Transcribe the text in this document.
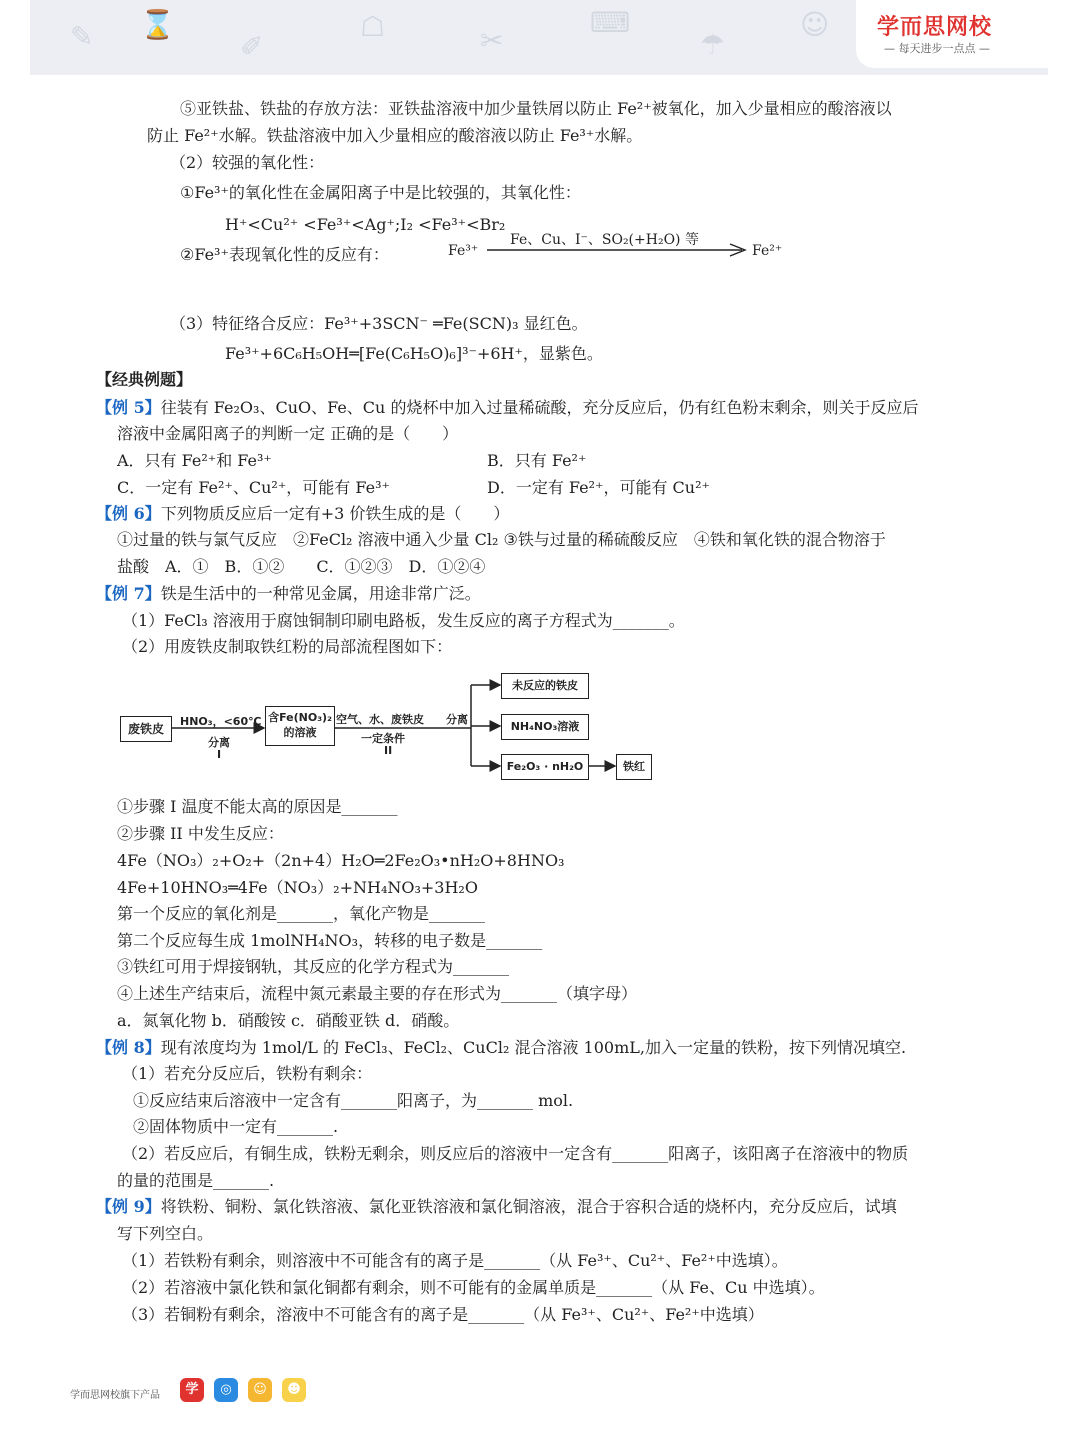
✎ ⌛
✐
☖	✂
⌨
☂
☺ 学而思网校
— 每天进步一点点 —
⑤亚铁盐、铁盐的存放方法：亚铁盐溶液中加少量铁屑以防止 Fe²⁺被氧化，加入少量相应的酸溶液以
防止 Fe²⁺水解。铁盐溶液中加入少量相应的酸溶液以防止 Fe³⁺水解。
（2）较强的氧化性：
①Fe³⁺的氧化性在金属阳离子中是比较强的，其氧化性：
H⁺<Cu²⁺ <Fe³⁺<Ag⁺;I₂ <Fe³⁺<Br₂
②Fe³⁺表现氧化性的反应有：	Fe³⁺
Fe、Cu、I⁻、SO₂(+H₂O) 等
Fe²⁺
（3）特征络合反应：Fe³⁺+3SCN⁻ ═Fe(SCN)₃ 显红色。
Fe³⁺+6C₆H₅OH═[Fe(C₆H₅O)₆]³⁻+6H⁺，显紫色。
【经典例题】
【例 5】往装有 Fe₂O₃、CuO、Fe、Cu 的烧杯中加入过量稀硫酸，充分反应后，仍有红色粉末剩余，则关于反应后
溶液中金属阳离子的判断一定 正确的是（　　）
A．只有 Fe²⁺和 Fe³⁺	B．只有 Fe²⁺
C．一定有 Fe²⁺、Cu²⁺，可能有 Fe³⁺	D．一定有 Fe²⁺，可能有 Cu²⁺
【例 6】下列物质反应后一定有+3 价铁生成的是（　　）
①过量的铁与氯气反应　②FeCl₂ 溶液中通入少量 Cl₂ ③铁与过量的稀硫酸反应　④铁和氧化铁的混合物溶于
盐酸　A．①　B．①②　　C．①②③　D．①②④
【例 7】铁是生活中的一种常见金属，用途非常广泛。
（1）FeCl₃ 溶液用于腐蚀铜制印刷电路板，发生反应的离子方程式为_______。
（2）用废铁皮制取铁红粉的局部流程图如下：
废铁皮
HNO₃，<60℃
分离
I
含Fe(NO₃)₂
的溶液
空气、水、废铁皮
一定条件
II
分离
未反应的铁皮
NH₄NO₃溶液
Fe₂O₃ · nH₂O	铁红
①步骤 I 温度不能太高的原因是_______
②步骤 II 中发生反应：
4Fe（NO₃）₂+O₂+（2n+4）H₂O═2Fe₂O₃•nH₂O+8HNO₃
4Fe+10HNO₃═4Fe（NO₃）₂+NH₄NO₃+3H₂O
第一个反应的氧化剂是_______，氧化产物是_______
第二个反应每生成 1molNH₄NO₃，转移的电子数是_______
③铁红可用于焊接钢轨，其反应的化学方程式为_______
④上述生产结束后，流程中氮元素最主要的存在形式为_______（填字母）
a．氮氧化物 b．硝酸铵 c．硝酸亚铁 d．硝酸。
【例 8】现有浓度均为 1mol/L 的 FeCl₃、FeCl₂、CuCl₂ 混合溶液 100mL,加入一定量的铁粉，按下列情况填空.
（1）若充分反应后，铁粉有剩余：
①反应结束后溶液中一定含有_______阳离子，为_______ mol.
②固体物质中一定有_______.
（2）若反应后，有铜生成，铁粉无剩余，则反应后的溶液中一定含有_______阳离子，该阳离子在溶液中的物质
的量的范围是_______.
【例 9】将铁粉、铜粉、氯化铁溶液、氯化亚铁溶液和氯化铜溶液，混合于容积合适的烧杯内，充分反应后，试填
写下列空白。
（1）若铁粉有剩余，则溶液中不可能含有的离子是_______（从 Fe³⁺、Cu²⁺、Fe²⁺中选填）。
（2）若溶液中氯化铁和氯化铜都有剩余，则不可能有的金属单质是_______（从 Fe、Cu 中选填）。
（3）若铜粉有剩余，溶液中不可能含有的离子是_______（从 Fe³⁺、Cu²⁺、Fe²⁺中选填）
学而思网校旗下产品	学	◎	☺	☻
